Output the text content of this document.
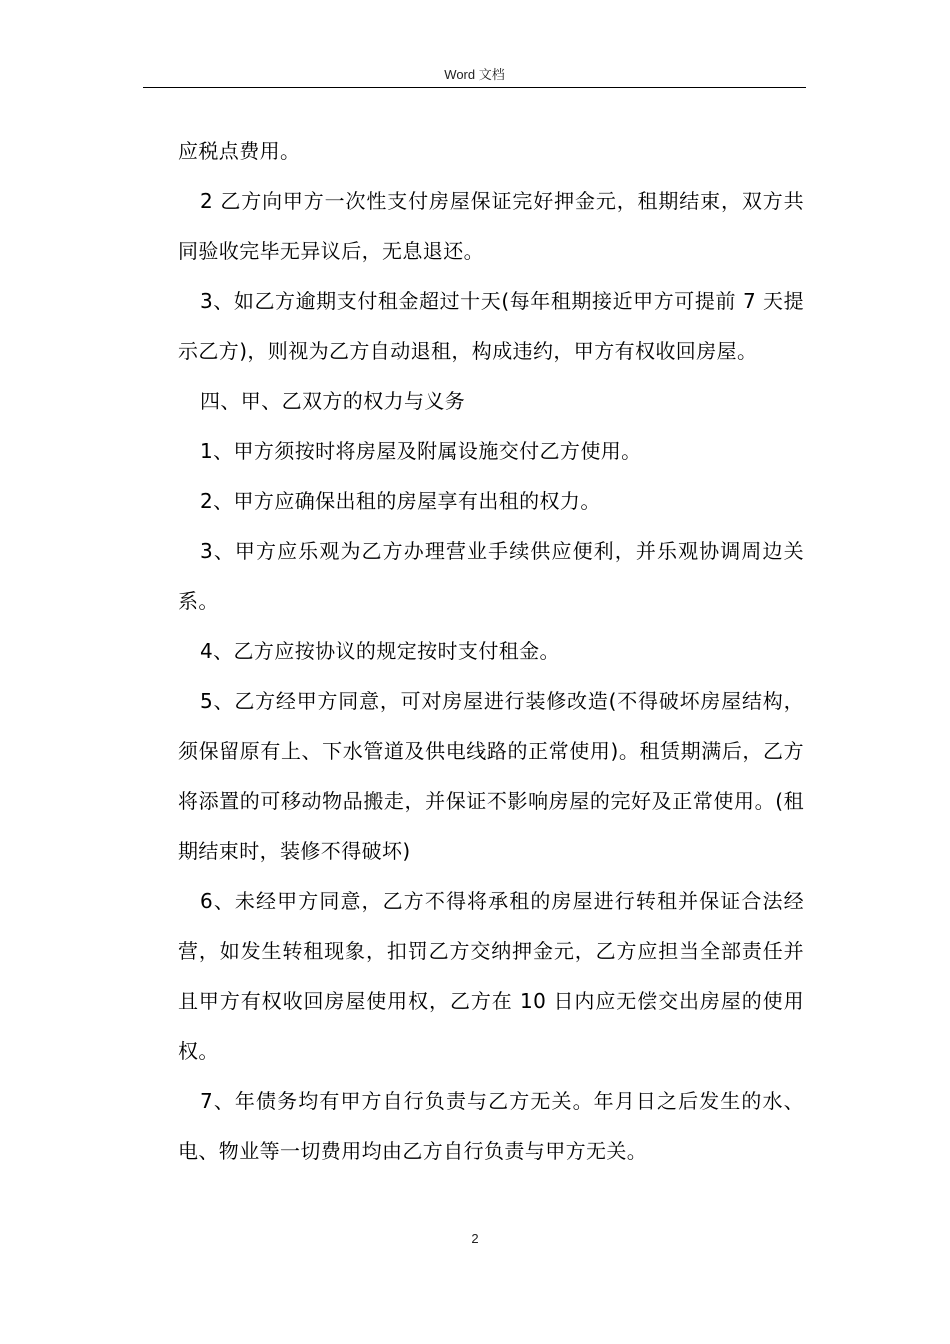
Word 文档

应税点费用。

2 乙方向甲方一次性支付房屋保证完好押金元，租期结束，双方共同验收完毕无异议后，无息退还。

3、如乙方逾期支付租金超过十天(每年租期接近甲方可提前 7 天提示乙方)，则视为乙方自动退租，构成违约，甲方有权收回房屋。

四、甲、乙双方的权力与义务

1、甲方须按时将房屋及附属设施交付乙方使用。

2、甲方应确保出租的房屋享有出租的权力。

3、甲方应乐观为乙方办理营业手续供应便利，并乐观协调周边关系。

4、乙方应按协议的规定按时支付租金。

5、乙方经甲方同意，可对房屋进行装修改造(不得破坏房屋结构，须保留原有上、下水管道及供电线路的正常使用)。租赁期满后，乙方将添置的可移动物品搬走，并保证不影响房屋的完好及正常使用。(租期结束时，装修不得破坏)

6、未经甲方同意，乙方不得将承租的房屋进行转租并保证合法经营，如发生转租现象，扣罚乙方交纳押金元，乙方应担当全部责任并且甲方有权收回房屋使用权，乙方在 10 日内应无偿交出房屋的使用权。

7、年债务均有甲方自行负责与乙方无关。年月日之后发生的水、电、物业等一切费用均由乙方自行负责与甲方无关。

2
